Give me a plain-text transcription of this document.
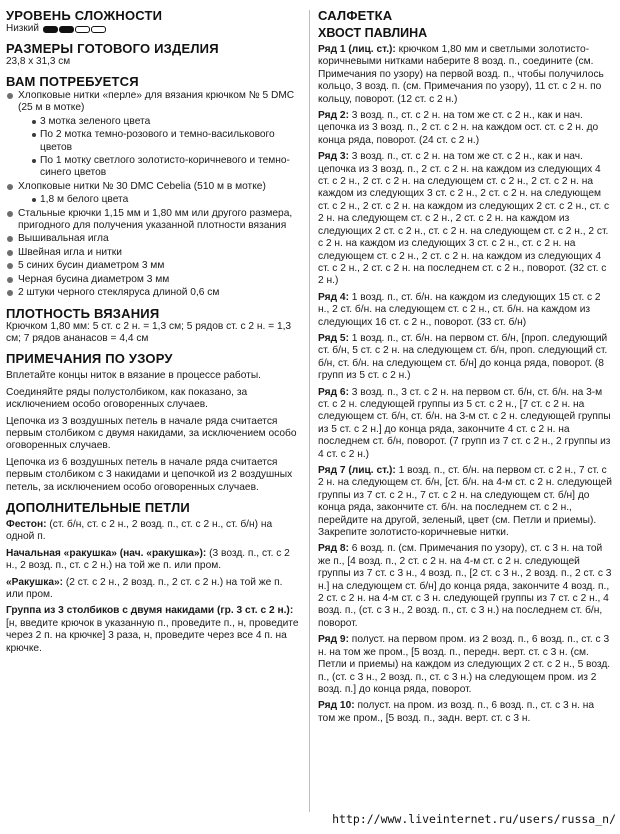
УРОВЕНЬ СЛОЖНОСТИ
Низкий
РАЗМЕРЫ ГОТОВОГО ИЗДЕЛИЯ
23,8 х 31,3 см
ВАМ ПОТРЕБУЕТСЯ
Хлопковые нитки «перле» для вязания крючком № 5 DMC (25 м в мотке)
3 мотка зеленого цвета
По 2 мотка темно-розового и темно-василькового цветов
По 1 мотку светлого золотисто-коричневого и темно-синего цветов
Хлопковые нитки № 30 DMC Cebelia (510 м в мотке)
1,8 м белого цвета
Стальные крючки 1,15 мм и 1,80 мм или другого размера, пригодного для получения указанной плотности вязания
Вышивальная игла
Швейная игла и нитки
5 синих бусин диаметром 3 мм
Черная бусина диаметром 3 мм
2 штуки черного стекляруса длиной 0,6 см
ПЛОТНОСТЬ ВЯЗАНИЯ
Крючком 1,80 мм: 5 ст. с 2 н. = 1,3 см; 5 рядов ст. с 2 н. = 1,3 см; 7 рядов ананасов = 4,4 см
ПРИМЕЧАНИЯ ПО УЗОРУ

Вплетайте концы ниток в вязание в процессе работы.

Соединяйте ряды полустолбиком, как показано, за исключением особо оговоренных случаев.

Цепочка из 3 воздушных петель в начале ряда считается первым столбиком с двумя накидами, за исключением особо оговоренных случаев.

Цепочка из 6 воздушных петель в начале ряда считается первым столбиком с 3 накидами и цепочкой из 2 воздушных петель, за исключением особо оговоренных случаев.

ДОПОЛНИТЕЛЬНЫЕ ПЕТЛИ
Фестон: (ст. б/н, ст. с 2 н., 2 возд. п., ст. с 2 н., ст. б/н) на одной п.
Начальная «ракушка» (нач. «ракушка»): (3 возд. п., ст. с 2 н., 2 возд. п., ст. с 2 н.) на той же п. или пром.
«Ракушка»: (2 ст. с 2 н., 2 возд. п., 2 ст. с 2 н.) на той же п. или пром.
Группа из 3 столбиков с двумя накидами (гр. 3 ст. с 2 н.): [н, введите крючок в указанную п., проведите п., н, проведите через 2 п. на крючке] 3 раза, н, проведите через все 4 п. на крючке.
САЛФЕТКА
ХВОСТ ПАВЛИНА
Ряд 1 (лиц. ст.): крючком 1,80 мм и светлыми золотисто-коричневыми нитками наберите 8 возд. п., соедините (см. Примечания по узору) на первой возд. п., чтобы получилось кольцо, 3 возд. п. (см. Примечания по узору), 11 ст. с 2 н. по кольцу, поворот. (12 ст. с 2 н.)
Ряд 2: 3 возд. п., ст. с 2 н. на том же ст. с 2 н., как и нач. цепочка из 3 возд. п., 2 ст. с 2 н. на каждом ост. ст. с 2 н. до конца ряда, поворот. (24 ст. с 2 н.)
Ряд 3: 3 возд. п., ст. с 2 н. на том же ст. с 2 н., как и нач. цепочка из 3 возд. п., 2 ст. с 2 н. на каждом из следующих 4 ст. с 2 н., 2 ст. с 2 н. на следующем ст. с 2 н., 2 ст. с 2 н. на каждом из следующих 3 ст. с 2 н., 2 ст. с 2 н. на следующем ст. с 2 н., 2 ст. с 2 н. на каждом из следующих 2 ст. с 2 н., ст. с 2 н. на следующем ст. с 2 н., 2 ст. с 2 н. на каждом из следующих 2 ст. с 2 н., ст. с 2 н. на следующем ст. с 2 н., 2 ст. с 2 н. на каждом из следующих 3 ст. с 2 н., ст. с 2 н. на следующем ст. с 2 н., 2 ст. с 2 н. на каждом из следующих 4 ст. с 2 н., 2 ст. с 2 н. на последнем ст. с 2 н., поворот. (32 ст. с 2 н.)
Ряд 4: 1 возд. п., ст. б/н. на каждом из следующих 15 ст. с 2 н., 2 ст. б/н. на следующем ст. с 2 н., ст. б/н. на каждом из следующих 16 ст. с 2 н., поворот. (33 ст. б/н)
Ряд 5: 1 возд. п., ст. б/н. на первом ст. б/н, [проп. следующий ст. б/н, 5 ст. с 2 н. на следующем ст. б/н, проп. следующий ст. б/н, ст. б/н. на следующем ст. б/н] до конца ряда, поворот. (8 групп из 5 ст. с 2 н.)
Ряд 6: 3 возд. п., 3 ст. с 2 н. на первом ст. б/н, ст. б/н. на 3-м ст. с 2 н. следующей группы из 5 ст. с 2 н., [7 ст. с 2 н. на следующем ст. б/н, ст. б/н. на 3-м ст. с 2 н. следующей группы из 5 ст. с 2 н.] до конца ряда, закончите 4 ст. с 2 н. на последнем ст. б/н, поворот. (7 групп из 7 ст. с 2 н., 2 группы из 4 ст. с 2 н.)
Ряд 7 (лиц. ст.): 1 возд. п., ст. б/н. на первом ст. с 2 н., 7 ст. с 2 н. на следующем ст. б/н, [ст. б/н. на 4-м ст. с 2 н. следующей группы из 7 ст. с 2 н., 7 ст. с 2 н. на следующем ст. б/н] до конца ряда, закончите ст. б/н. на последнем ст. с 2 н., перейдите на другой, зеленый, цвет (см. Петли и приемы). Закрепите золотисто-коричневые нитки.
Ряд 8: 6 возд. п. (см. Примечания по узору), ст. с 3 н. на той же п., [4 возд. п., 2 ст. с 2 н. на 4-м ст. с 2 н. следующей группы из 7 ст. с 3 н., 4 возд. п., [2 ст. с 3 н., 2 возд. п., 2 ст. с 3 н.] на следующем ст. б/н] до конца ряда, закончите 4 возд. п., 2 ст. с 2 н. на 4-м ст. с 3 н. следующей группы из 7 ст. с 2 н., 4 возд. п., (ст. с 3 н., 2 возд. п., ст. с 3 н.) на последнем ст. б/н, поворот.
Ряд 9: полуст. на первом пром. из 2 возд. п., 6 возд. п., ст. с 3 н. на том же пром., [5 возд. п., передн. верт. ст. с 3 н. (см. Петли и приемы) на каждом из следующих 2 ст. с 2 н., 5 возд. п., (ст. с 3 н., 2 возд. п., ст. с 3 н.) на следующем пром. из 2 возд. п.] до конца ряда, поворот.
Ряд 10: полуст. на пром. из возд. п., 6 возд. п., ст. с 3 н. на том же пром., [5 возд. п., задн. верт. ст. с 3 н.
http://www.liveinternet.ru/users/russa_n/
